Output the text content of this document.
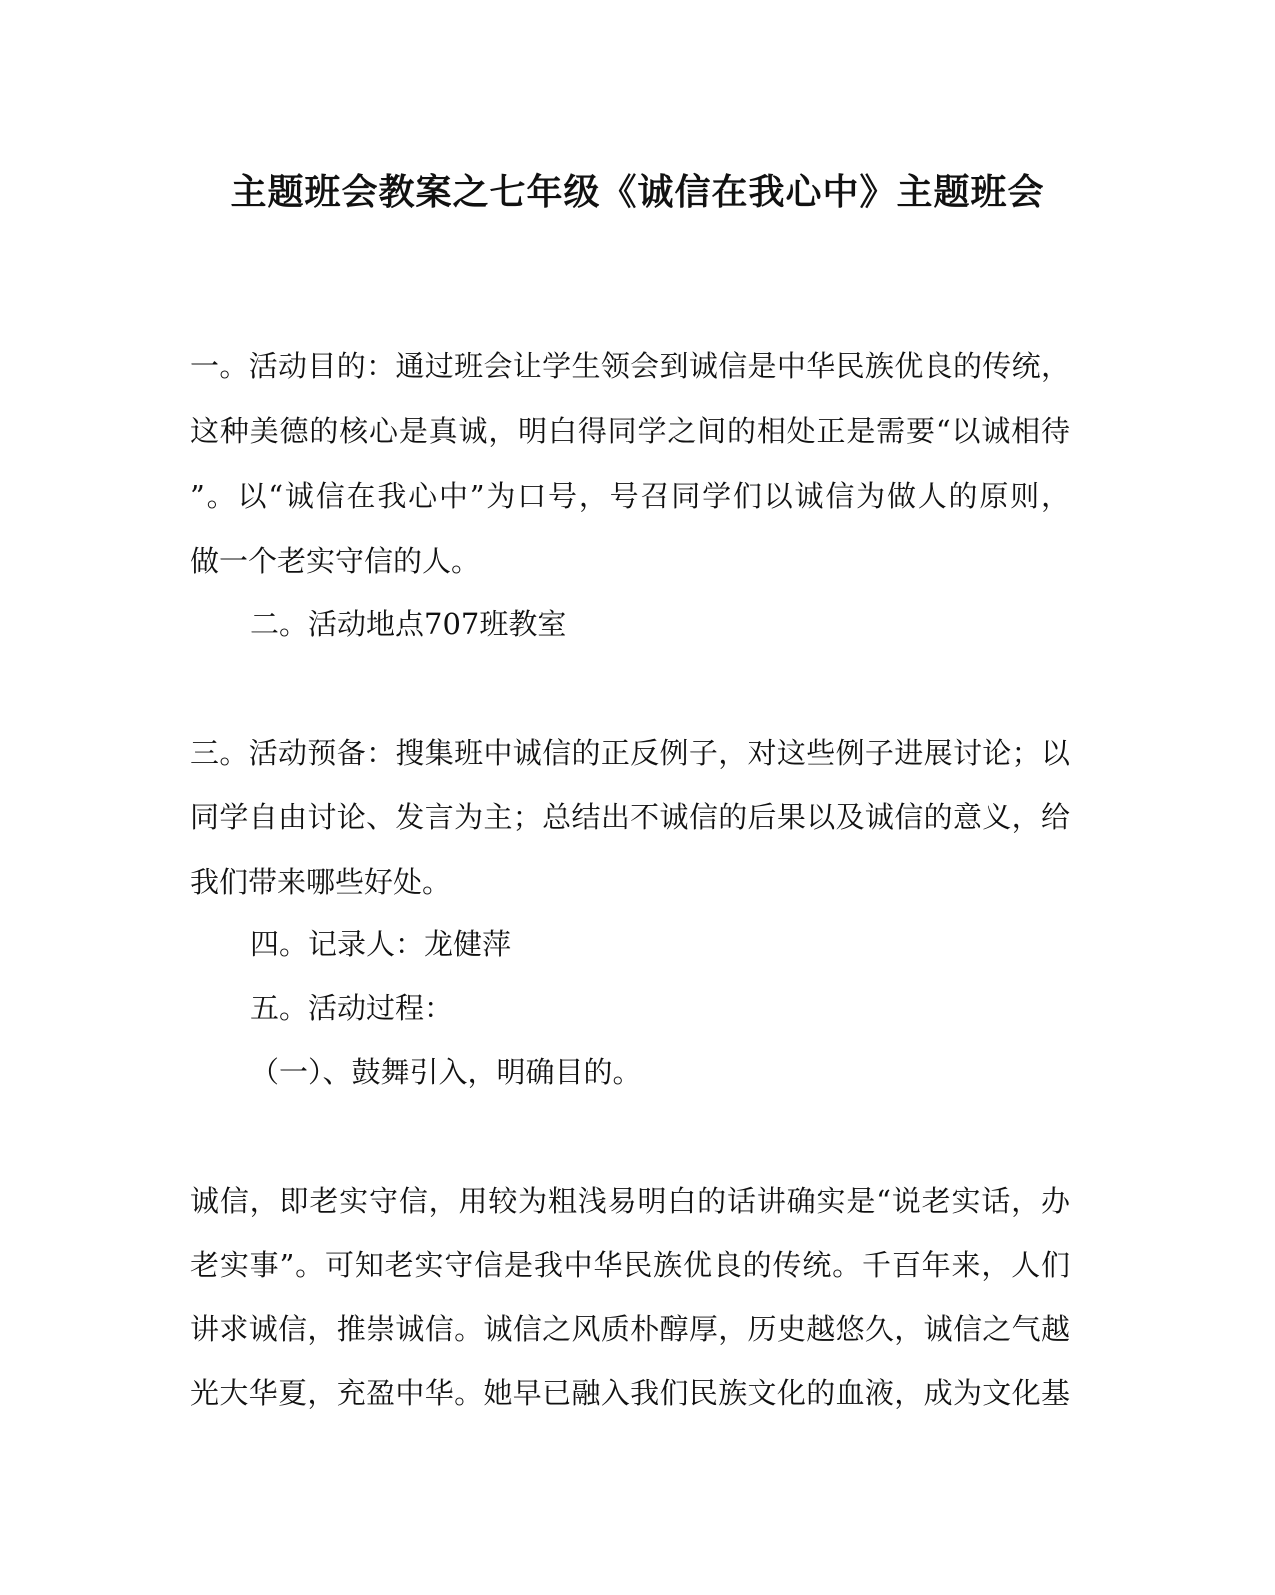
主题班会教案之七年级《诚信在我心中》主题班会
一。活动目的：通过班会让学生领会到诚信是中华民族优良的传统，
这种美德的核心是真诚，明白得同学之间的相处正是需要“以诚相待
”。以“诚信在我心中”为口号，号召同学们以诚信为做人的原则，
做一个老实守信的人。
二。活动地点707班教室
三。活动预备：搜集班中诚信的正反例子，对这些例子进展讨论；以
同学自由讨论、发言为主；总结出不诚信的后果以及诚信的意义，给
我们带来哪些好处。
四。记录人：龙健萍
五。活动过程：
（一）、鼓舞引入，明确目的。
诚信，即老实守信，用较为粗浅易明白的话讲确实是“说老实话，办
老实事”。可知老实守信是我中华民族优良的传统。千百年来，人们
讲求诚信，推崇诚信。诚信之风质朴醇厚，历史越悠久，诚信之气越
光大华夏，充盈中华。她早已融入我们民族文化的血液，成为文化基
